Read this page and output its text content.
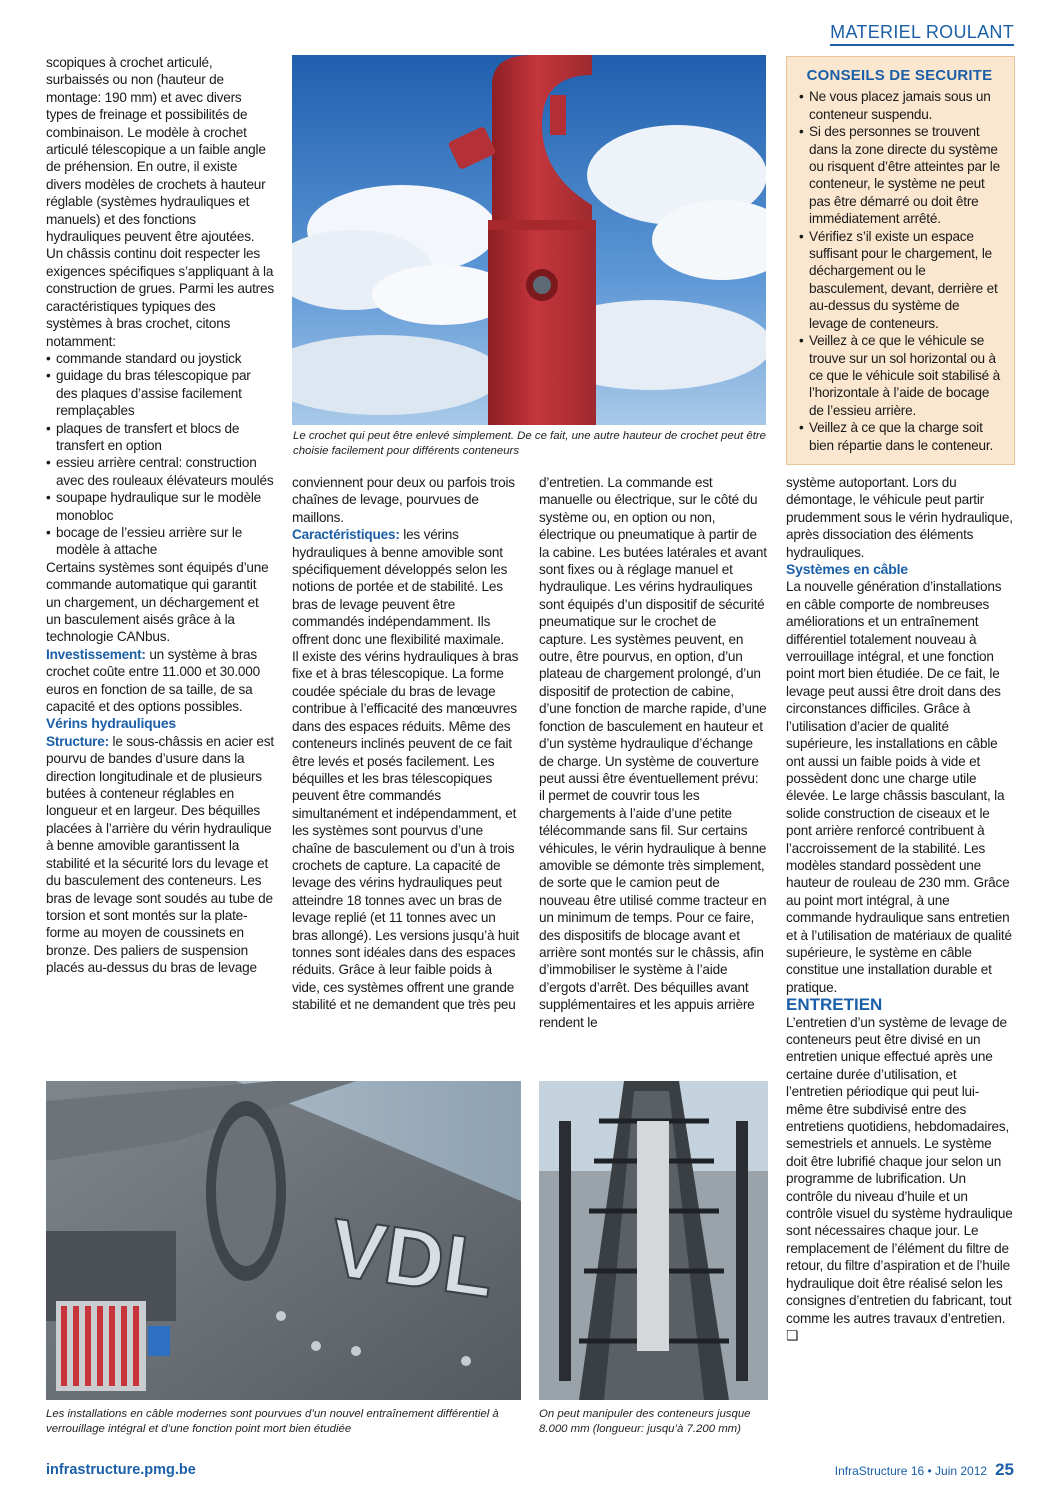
MATERIEL ROULANT

scopiques à crochet articulé, surbaissés ou non (hauteur de montage: 190 mm) et avec divers types de freinage et possibilités de combinaison. Le modèle à crochet articulé télescopique a un faible angle de préhension. En outre, il existe divers modèles de crochets à hauteur réglable (systèmes hydrauliques et manuels) et des fonctions hydrauliques peuvent être ajoutées. Un châssis continu doit respecter les exigences spécifiques s’appliquant à la construction de grues. Parmi les autres caractéristiques typiques des systèmes à bras crochet, citons notamment:

• commande standard ou joystick
• guidage du bras télescopique par des plaques d’assise facilement remplaçables
• plaques de transfert et blocs de transfert en option
• essieu arrière central: construction avec des rouleaux élévateurs moulés
• soupape hydraulique sur le modèle monobloc
• bocage de l’essieu arrière sur le modèle à attache

Certains systèmes sont équipés d’une commande automatique qui garantit un chargement, un déchargement et un basculement aisés grâce à la technologie CANbus.

Investissement: un système à bras crochet coûte entre 11.000 et 30.000 euros en fonction de sa taille, de sa capacité et des options possibles.

Vérins hydrauliques

Structure: le sous-châssis en acier est pourvu de bandes d’usure dans la direction longitudinale et de plusieurs butées à conteneur réglables en longueur et en largeur. Des béquilles placées à l’arrière du vérin hydraulique à benne amovible garantissent la stabilité et la sécurité lors du levage et du basculement des conteneurs. Les bras de levage sont soudés au tube de torsion et sont montés sur la plate-forme au moyen de coussinets en bronze. Des paliers de suspension placés au-dessus du bras de levage

Le crochet qui peut être enlevé simplement. De ce fait, une autre hauteur de crochet peut être choisie facilement pour différents conteneurs

conviennent pour deux ou parfois trois chaînes de levage, pourvues de maillons.

Caractéristiques: les vérins hydrauliques à benne amovible sont spécifiquement développés selon les notions de portée et de stabilité. Les bras de levage peuvent être commandés indépendamment. Ils offrent donc une flexibilité maximale.

Il existe des vérins hydrauliques à bras fixe et à bras télescopique. La forme coudée spéciale du bras de levage contribue à l’efficacité des manœuvres dans des espaces réduits. Même des conteneurs inclinés peuvent de ce fait être levés et posés facilement. Les béquilles et les bras télescopiques peuvent être commandés simultanément et indépendamment, et les systèmes sont pourvus d’une chaîne de basculement ou d’un à trois crochets de capture. La capacité de levage des vérins hydrauliques peut atteindre 18 tonnes avec un bras de levage replié (et 11 tonnes avec un bras allongé). Les versions jusqu’à huit tonnes sont idéales dans des espaces réduits. Grâce à leur faible poids à vide, ces systèmes offrent une grande stabilité et ne demandent que très peu

d’entretien. La commande est manuelle ou électrique, sur le côté du système ou, en option ou non, électrique ou pneumatique à partir de la cabine. Les butées latérales et avant sont fixes ou à réglage manuel et hydraulique. Les vérins hydrauliques sont équipés d’un dispositif de sécurité pneumatique sur le crochet de capture. Les systèmes peuvent, en outre, être pourvus, en option, d’un plateau de chargement prolongé, d’un dispositif de protection de cabine, d’une fonction de marche rapide, d’une fonction de basculement en hauteur et d’un système hydraulique d’échange de charge. Un système de couverture peut aussi être éventuellement prévu: il permet de couvrir tous les chargements à l’aide d’une petite télécommande sans fil. Sur certains véhicules, le vérin hydraulique à benne amovible se démonte très simplement, de sorte que le camion peut de nouveau être utilisé comme tracteur en un minimum de temps. Pour ce faire, des dispositifs de blocage avant et arrière sont montés sur le châssis, afin d’immobiliser le système à l’aide d’ergots d’arrêt. Des béquilles avant supplémentaires et les appuis arrière rendent le

CONSEILS DE SECURITE
• Ne vous placez jamais sous un conteneur suspendu.
• Si des personnes se trouvent dans la zone directe du système ou risquent d’être atteintes par le conteneur, le système ne peut pas être démarré ou doit être immédiatement arrêté.
• Vérifiez s’il existe un espace suffisant pour le chargement, le déchargement ou le basculement, devant, derrière et au-dessus du système de levage de conteneurs.
• Veillez à ce que le véhicule se trouve sur un sol horizontal ou à ce que le véhicule soit stabilisé à l’horizontale à l’aide de bocage de l’essieu arrière.
• Veillez à ce que la charge soit bien répartie dans le conteneur.

système autoportant. Lors du démontage, le véhicule peut partir prudemment sous le vérin hydraulique, après dissociation des éléments hydrauliques.

Systèmes en câble

La nouvelle génération d’installations en câble comporte de nombreuses améliorations et un entraînement différentiel totalement nouveau à verrouillage intégral, et une fonction point mort bien étudiée. De ce fait, le levage peut aussi être droit dans des circonstances difficiles. Grâce à l’utilisation d’acier de qualité supérieure, les installations en câble ont aussi un faible poids à vide et possèdent donc une charge utile élevée. Le large châssis basculant, la solide construction de ciseaux et le pont arrière renforcé contribuent à l’accroissement de la stabilité. Les modèles standard possèdent une hauteur de rouleau de 230 mm. Grâce au point mort intégral, à une commande hydraulique sans entretien et à l’utilisation de matériaux de qualité supérieure, le système en câble constitue une installation durable et pratique.

ENTRETIEN

L’entretien d’un système de levage de conteneurs peut être divisé en un entretien unique effectué après une certaine durée d’utilisation, et l’entretien périodique qui peut lui-même être subdivisé entre des entretiens quotidiens, hebdomadaires, semestriels et annuels. Le système doit être lubrifié chaque jour selon un programme de lubrification. Un contrôle du niveau d’huile et un contrôle visuel du système hydraulique sont nécessaires chaque jour. Le remplacement de l’élément du filtre de retour, du filtre d’aspiration et de l’huile hydraulique doit être réalisé selon les consignes d’entretien du fabricant, tout comme les autres travaux d’entretien. ❏

VDL
Les installations en câble modernes sont pourvues d’un nouvel entraînement différentiel à verrouillage intégral et d’une fonction point mort bien étudiée
On peut manipuler des conteneurs jusque 8.000 mm (longueur: jusqu’à 7.200 mm)
infrastructure.pmg.be	InfraStructure 16 • Juin 2012 25
